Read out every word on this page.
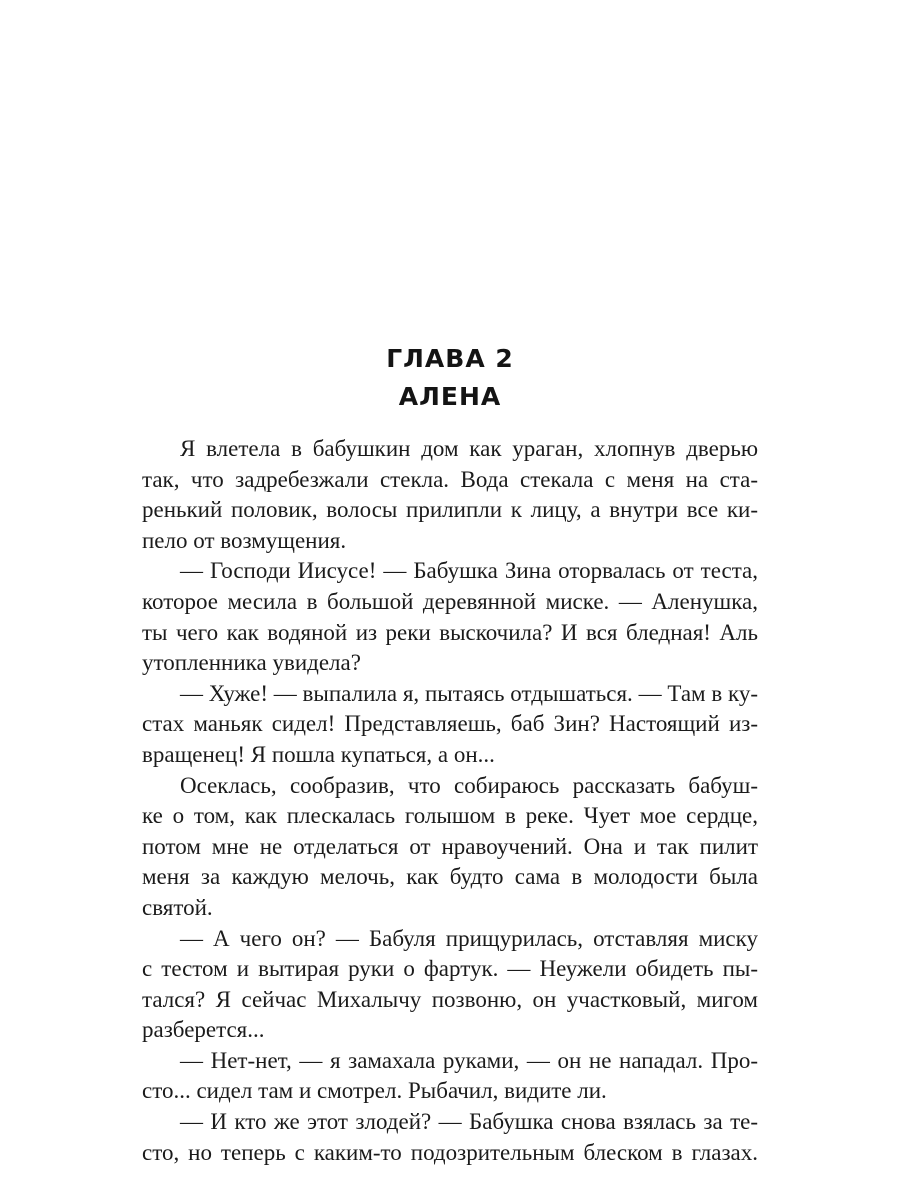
ГЛАВА 2
АЛЕНА
Я влетела в бабушкин дом как ураган, хлопнув дверью
так, что задребезжали стекла. Вода стекала с меня на ста-
ренький половик, волосы прилипли к лицу, а внутри все ки-
пело от возмущения.
— Господи Иисусе! — Бабушка Зина оторвалась от теста,
которое месила в большой деревянной миске. — Аленушка,
ты чего как водяной из реки выскочила? И вся бледная! Аль
утопленника увидела?
— Хуже! — выпалила я, пытаясь отдышаться. — Там в ку-
стах маньяк сидел! Представляешь, баб Зин? Настоящий из-
вращенец! Я пошла купаться, а он...
Осеклась, сообразив, что собираюсь рассказать бабуш-
ке о том, как плескалась голышом в реке. Чует мое сердце,
потом мне не отделаться от нравоучений. Она и так пилит
меня за каждую мелочь, как будто сама в молодости была
святой.
— А чего он? — Бабуля прищурилась, отставляя миску
с тестом и вытирая руки о фартук. — Неужели обидеть пы-
тался? Я сейчас Михалычу позвоню, он участковый, мигом
разберется...
— Нет-нет, — я замахала руками, — он не нападал. Про-
сто... сидел там и смотрел. Рыбачил, видите ли.
— И кто же этот злодей? — Бабушка снова взялась за те-
сто, но теперь с каким-то подозрительным блеском в глазах.
